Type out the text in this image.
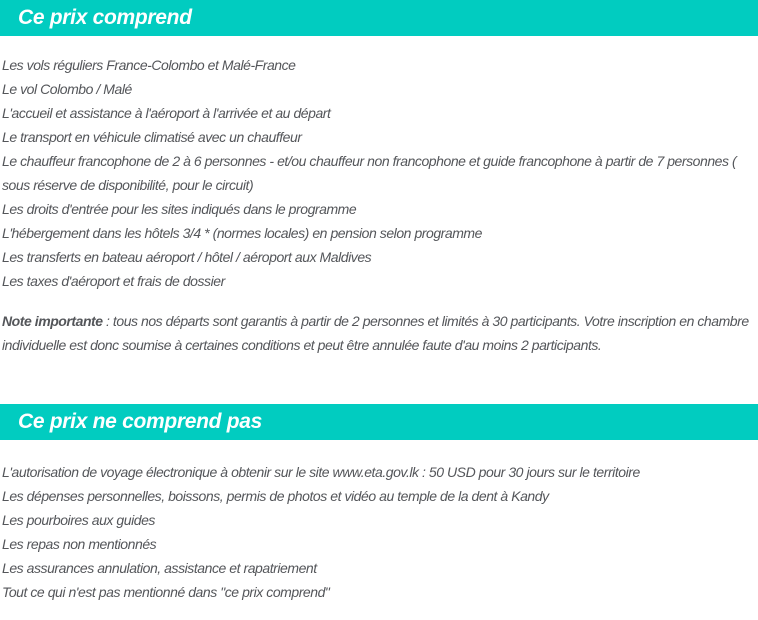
Ce prix comprend

Les vols réguliers France-Colombo et Malé-France

Le vol Colombo / Malé

L'accueil et assistance à l'aéroport à l'arrivée et au départ

Le transport en véhicule climatisé avec un chauffeur

Le chauffeur francophone de 2 à 6 personnes - et/ou chauffeur non francophone et guide francophone à partir de 7 personnes ( sous réserve de disponibilité, pour le circuit)

Les droits d'entrée pour les sites indiqués dans le programme

L'hébergement dans les hôtels 3/4 * (normes locales) en pension selon programme

Les transferts en bateau aéroport / hôtel / aéroport aux Maldives

Les taxes d'aéroport et frais de dossier

Note importante : tous nos départs sont garantis à partir de 2 personnes et limités à 30 participants. Votre inscription en chambre individuelle est donc soumise à certaines conditions et peut être annulée faute d'au moins 2 participants.

Ce prix ne comprend pas

L'autorisation de voyage électronique à obtenir sur le site www.eta.gov.lk : 50 USD pour 30 jours sur le territoire

Les dépenses personnelles, boissons, permis de photos et vidéo au temple de la dent à Kandy

Les pourboires aux guides

Les repas non mentionnés

Les assurances annulation, assistance et rapatriement

Tout ce qui n'est pas mentionné dans "ce prix comprend"
